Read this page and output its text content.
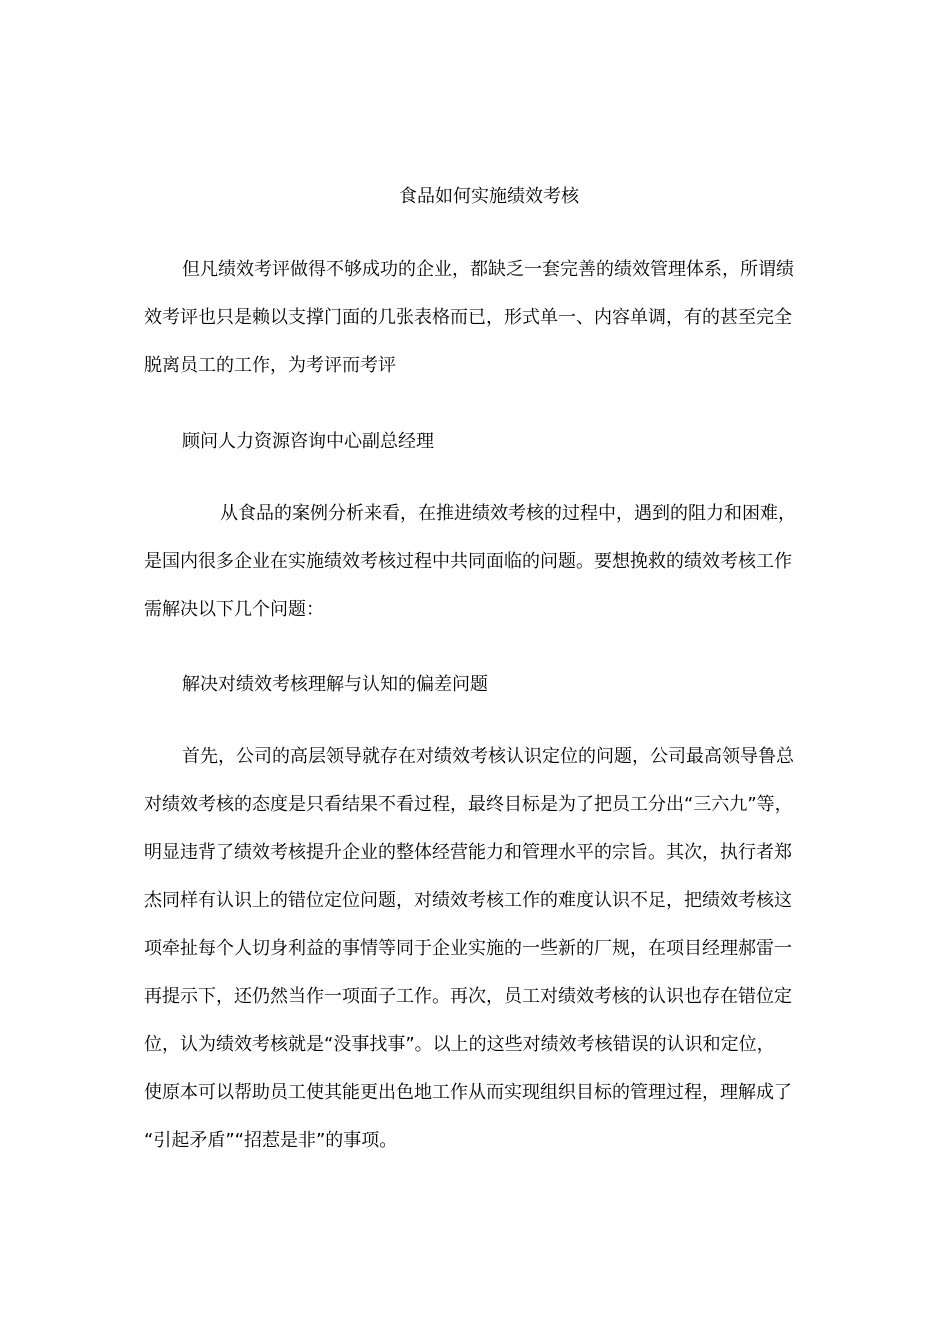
食品如何实施绩效考核
但凡绩效考评做得不够成功的企业，都缺乏一套完善的绩效管理体系，所谓绩
效考评也只是赖以支撑门面的几张表格而已，形式单一、内容单调，有的甚至完全
脱离员工的工作，为考评而考评
顾问人力资源咨询中心副总经理
从食品的案例分析来看，在推进绩效考核的过程中，遇到的阻力和困难，
是国内很多企业在实施绩效考核过程中共同面临的问题。要想挽救的绩效考核工作
需解决以下几个问题：
解决对绩效考核理解与认知的偏差问题
首先，公司的高层领导就存在对绩效考核认识定位的问题，公司最高领导鲁总
对绩效考核的态度是只看结果不看过程，最终目标是为了把员工分出“三六九”等，
明显违背了绩效考核提升企业的整体经营能力和管理水平的宗旨。其次，执行者郑
杰同样有认识上的错位定位问题，对绩效考核工作的难度认识不足，把绩效考核这
项牵扯每个人切身利益的事情等同于企业实施的一些新的厂规，在项目经理郝雷一
再提示下，还仍然当作一项面子工作。再次，员工对绩效考核的认识也存在错位定
位，认为绩效考核就是“没事找事”。以上的这些对绩效考核错误的认识和定位，
使原本可以帮助员工使其能更出色地工作从而实现组织目标的管理过程，理解成了
“引起矛盾”“招惹是非”的事项。
